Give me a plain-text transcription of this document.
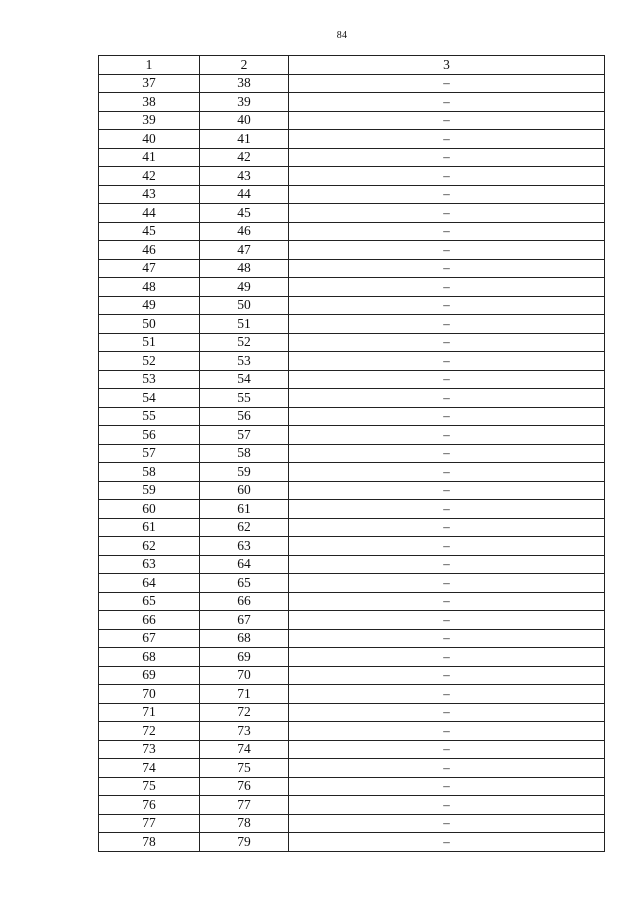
84
1	2	3
37	38	–
38	39	–
39	40	–
40	41	–
41	42	–
42	43	–
43	44	–
44	45	–
45	46	–
46	47	–
47	48	–
48	49	–
49	50	–
50	51	–
51	52	–
52	53	–
53	54	–
54	55	–
55	56	–
56	57	–
57	58	–
58	59	–
59	60	–
60	61	–
61	62	–
62	63	–
63	64	–
64	65	–
65	66	–
66	67	–
67	68	–
68	69	–
69	70	–
70	71	–
71	72	–
72	73	–
73	74	–
74	75	–
75	76	–
76	77	–
77	78	–
78	79	–
